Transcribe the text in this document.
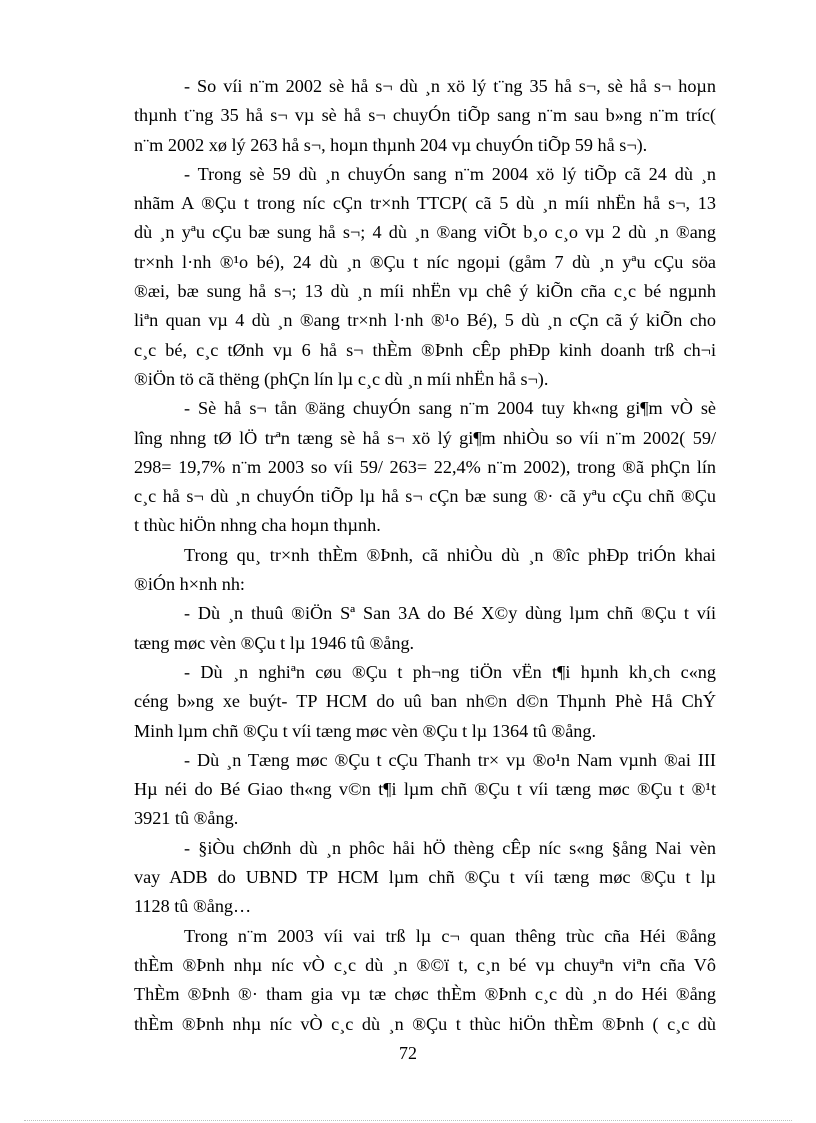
- So víi n¨m 2002 sè hå s¬ dù ¸n xö lý t¨ng 35 hå s¬, sè hå s¬ hoµn
thµnh t¨ng 35 hå s¬ vµ sè hå s¬ chuyÓn tiÕp sang n¨m sau b»ng n¨m tríc(
n¨m 2002 xø lý 263 hå s¬, hoµn thµnh 204 vµ chuyÓn tiÕp 59 hå s¬).
- Trong sè 59 dù ¸n chuyÓn sang n¨m 2004 xö lý tiÕp cã 24 dù ¸n
nhãm A ®Çu t trong níc cÇn tr×nh TTCP( cã 5 dù ¸n míi nhËn hå s¬, 13
dù ¸n yªu cÇu bæ sung hå s¬; 4 dù ¸n ®ang viÕt b¸o c¸o vµ 2 dù ¸n ®ang
tr×nh l·nh ®¹o bé), 24 dù ¸n ®Çu t níc ngoµi (gåm 7 dù ¸n yªu cÇu söa
®æi, bæ sung hå s¬; 13 dù ¸n míi nhËn vµ chê ý kiÕn cña c¸c bé ngµnh
liªn quan vµ 4 dù ¸n ®ang tr×nh l·nh ®¹o Bé), 5 dù ¸n cÇn cã ý kiÕn cho
c¸c bé, c¸c tØnh vµ 6 hå s¬ thÈm ®Þnh cÊp phÐp kinh doanh trß ch¬i
®iÖn tö cã thëng (phÇn lín lµ c¸c dù ¸n míi nhËn hå s¬).
- Sè hå s¬ tån ®äng chuyÓn sang n¨m 2004 tuy kh«ng gi¶m vÒ sè
lîng nhng tØ lÖ trªn tæng sè hå s¬ xö lý gi¶m nhiÒu so víi n¨m 2002( 59/
298= 19,7% n¨m 2003 so víi 59/ 263= 22,4% n¨m 2002), trong ®ã phÇn lín
c¸c hå s¬ dù ¸n chuyÓn tiÕp lµ hå s¬ cÇn bæ sung ®· cã yªu cÇu chñ ®Çu
t thùc hiÖn nhng cha hoµn thµnh.
Trong qu¸ tr×nh thÈm ®Þnh, cã nhiÒu dù ¸n ®îc phÐp triÓn khai
®iÓn h×nh nh:
- Dù ¸n thuû ®iÖn Sª San 3A do Bé X©y dùng lµm chñ ®Çu t víi
tæng møc vèn ®Çu t lµ 1946 tû ®ång.
- Dù ¸n nghiªn cøu ®Çu t ph¬ng tiÖn vËn t¶i hµnh kh¸ch c«ng
céng b»ng xe buýt- TP HCM do uû ban nh©n d©n Thµnh Phè Hå ChÝ
Minh lµm chñ ®Çu t víi tæng møc vèn ®Çu t lµ 1364 tû ®ång.
- Dù ¸n Tæng møc ®Çu t cÇu Thanh tr× vµ ®o¹n Nam vµnh ®ai III
Hµ néi do Bé Giao th«ng v©n t¶i lµm chñ ®Çu t víi tæng møc ®Çu t ®¹t
3921 tû ®ång.
- §iÒu chØnh dù ¸n phôc håi hÖ thèng cÊp níc s«ng §ång Nai vèn
vay ADB do UBND TP HCM lµm chñ ®Çu t víi tæng møc ®Çu t lµ
1128 tû ®ång…
Trong n¨m 2003 víi vai trß lµ c¬ quan thêng trùc cña Héi ®ång
thÈm ®Þnh nhµ níc vÒ c¸c dù ¸n ®©ï t, c¸n bé vµ chuyªn viªn cña Vô
ThÈm ®Þnh ®· tham gia vµ tæ chøc thÈm ®Þnh c¸c dù ¸n do Héi ®ång
thÈm ®Þnh nhµ níc vÒ c¸c dù ¸n ®Çu t thùc hiÖn thÈm ®Þnh ( c¸c dù
72
